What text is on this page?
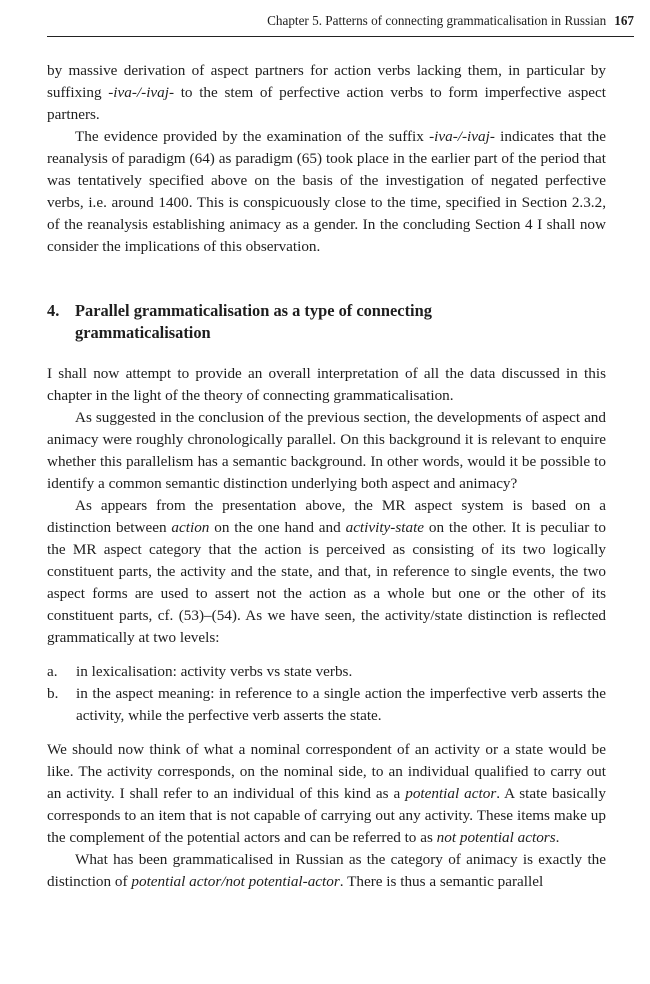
Chapter 5. Patterns of connecting grammaticalisation in Russian 167

by massive derivation of aspect partners for action verbs lacking them, in particular by suffixing -iva-/-ivaj- to the stem of perfective action verbs to form imperfective aspect partners.

The evidence provided by the examination of the suffix -iva-/-ivaj- indicates that the reanalysis of paradigm (64) as paradigm (65) took place in the earlier part of the period that was tentatively specified above on the basis of the investigation of negated perfective verbs, i.e. around 1400. This is conspicuously close to the time, specified in Section 2.3.2, of the reanalysis establishing animacy as a gender. In the concluding Section 4 I shall now consider the implications of this observation.

4. Parallel grammaticalisation as a type of connecting grammaticalisation

I shall now attempt to provide an overall interpretation of all the data discussed in this chapter in the light of the theory of connecting grammaticalisation.

As suggested in the conclusion of the previous section, the developments of aspect and animacy were roughly chronologically parallel. On this background it is relevant to enquire whether this parallelism has a semantic background. In other words, would it be possible to identify a common semantic distinction underlying both aspect and animacy?

As appears from the presentation above, the MR aspect system is based on a distinction between action on the one hand and activity-state on the other. It is peculiar to the MR aspect category that the action is perceived as consisting of its two logically constituent parts, the activity and the state, and that, in reference to single events, the two aspect forms are used to assert not the action as a whole but one or the other of its constituent parts, cf. (53)–(54). As we have seen, the activity/state distinction is reflected grammatically at two levels:

a.	in lexicalisation: activity verbs vs state verbs.
b.	in the aspect meaning: in reference to a single action the imperfective verb asserts the activity, while the perfective verb asserts the state.

We should now think of what a nominal correspondent of an activity or a state would be like. The activity corresponds, on the nominal side, to an individual qualified to carry out an activity. I shall refer to an individual of this kind as a potential actor. A state basically corresponds to an item that is not capable of carrying out any activity. These items make up the complement of the potential actors and can be referred to as not potential actors.

What has been grammaticalised in Russian as the category of animacy is exactly the distinction of potential actor/not potential-actor. There is thus a semantic parallel
